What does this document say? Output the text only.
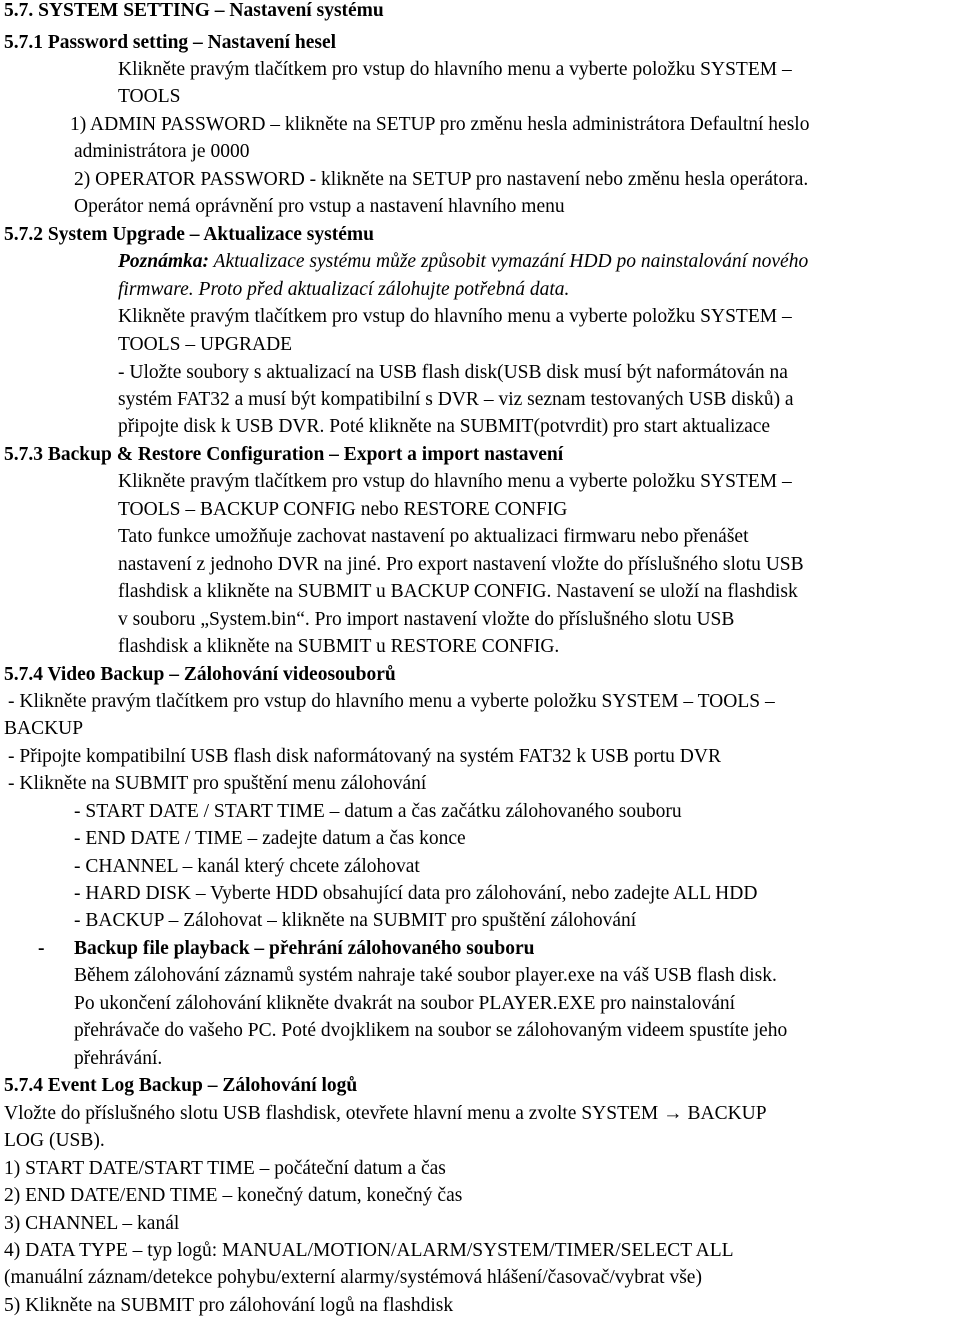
5.7. SYSTEM SETTING – Nastavení systému
5.7.1 Password setting – Nastavení hesel
Klikněte pravým tlačítkem pro vstup do hlavního menu a vyberte položku SYSTEM –
TOOLS
1) ADMIN PASSWORD – klikněte na SETUP pro změnu hesla administrátora Defaultní heslo
administrátora je 0000
2) OPERATOR PASSWORD - klikněte na SETUP pro nastavení nebo změnu hesla operátora.
Operátor nemá oprávnění pro vstup a nastavení hlavního menu
5.7.2 System Upgrade – Aktualizace systému
Poznámka: Aktualizace systému může způsobit vymazání HDD po nainstalování nového
firmware. Proto před aktualizací zálohujte potřebná data.
Klikněte pravým tlačítkem pro vstup do hlavního menu a vyberte položku SYSTEM –
TOOLS – UPGRADE
- Uložte soubory s aktualizací na USB flash disk(USB disk musí být naformátován na
systém FAT32 a musí být kompatibilní s DVR – viz seznam testovaných USB disků) a
připojte disk k USB DVR. Poté klikněte na SUBMIT(potvrdit) pro start aktualizace
5.7.3 Backup & Restore Configuration – Export a import nastavení
Klikněte pravým tlačítkem pro vstup do hlavního menu a vyberte položku SYSTEM –
TOOLS – BACKUP CONFIG nebo RESTORE CONFIG
Tato funkce umožňuje zachovat nastavení po aktualizaci firmwaru nebo přenášet
nastavení z jednoho DVR na jiné. Pro export nastavení vložte do příslušného slotu USB
flashdisk a klikněte na SUBMIT u BACKUP CONFIG. Nastavení se uloží na flashdisk
v souboru „System.bin“. Pro import nastavení vložte do příslušného slotu USB
flashdisk a klikněte na SUBMIT u RESTORE CONFIG.
5.7.4 Video Backup – Zálohování videosouborů
- Klikněte pravým tlačítkem pro vstup do hlavního menu a vyberte položku SYSTEM – TOOLS –
BACKUP
- Připojte kompatibilní USB flash disk naformátovaný na systém FAT32 k USB portu DVR
- Klikněte na SUBMIT pro spuštění menu zálohování
- START DATE / START TIME – datum a čas začátku zálohovaného souboru
- END DATE / TIME – zadejte datum a čas konce
- CHANNEL – kanál který chcete zálohovat
- HARD DISK – Vyberte HDD obsahující data pro zálohování, nebo zadejte ALL HDD
- BACKUP – Zálohovat – klikněte na SUBMIT pro spuštění zálohování
- Backup file playback – přehrání zálohovaného souboru
Během zálohování záznamů systém nahraje také soubor player.exe na váš USB flash disk.
Po ukončení zálohování klikněte dvakrát na soubor PLAYER.EXE pro nainstalování
přehrávače do vašeho PC. Poté dvojklikem na soubor se zálohovaným videem spustíte jeho
přehrávání.
5.7.4 Event Log Backup – Zálohování logů
Vložte do příslušného slotu USB flashdisk, otevřete hlavní menu a zvolte SYSTEM → BACKUP
LOG (USB).
1) START DATE/START TIME – počáteční datum a čas
2) END DATE/END TIME – konečný datum, konečný čas
3) CHANNEL – kanál
4) DATA TYPE – typ logů: MANUAL/MOTION/ALARM/SYSTEM/TIMER/SELECT ALL
(manuální záznam/detekce pohybu/externí alarmy/systémová hlášení/časovač/vybrat vše)
5) Klikněte na SUBMIT pro zálohování logů na flashdisk
